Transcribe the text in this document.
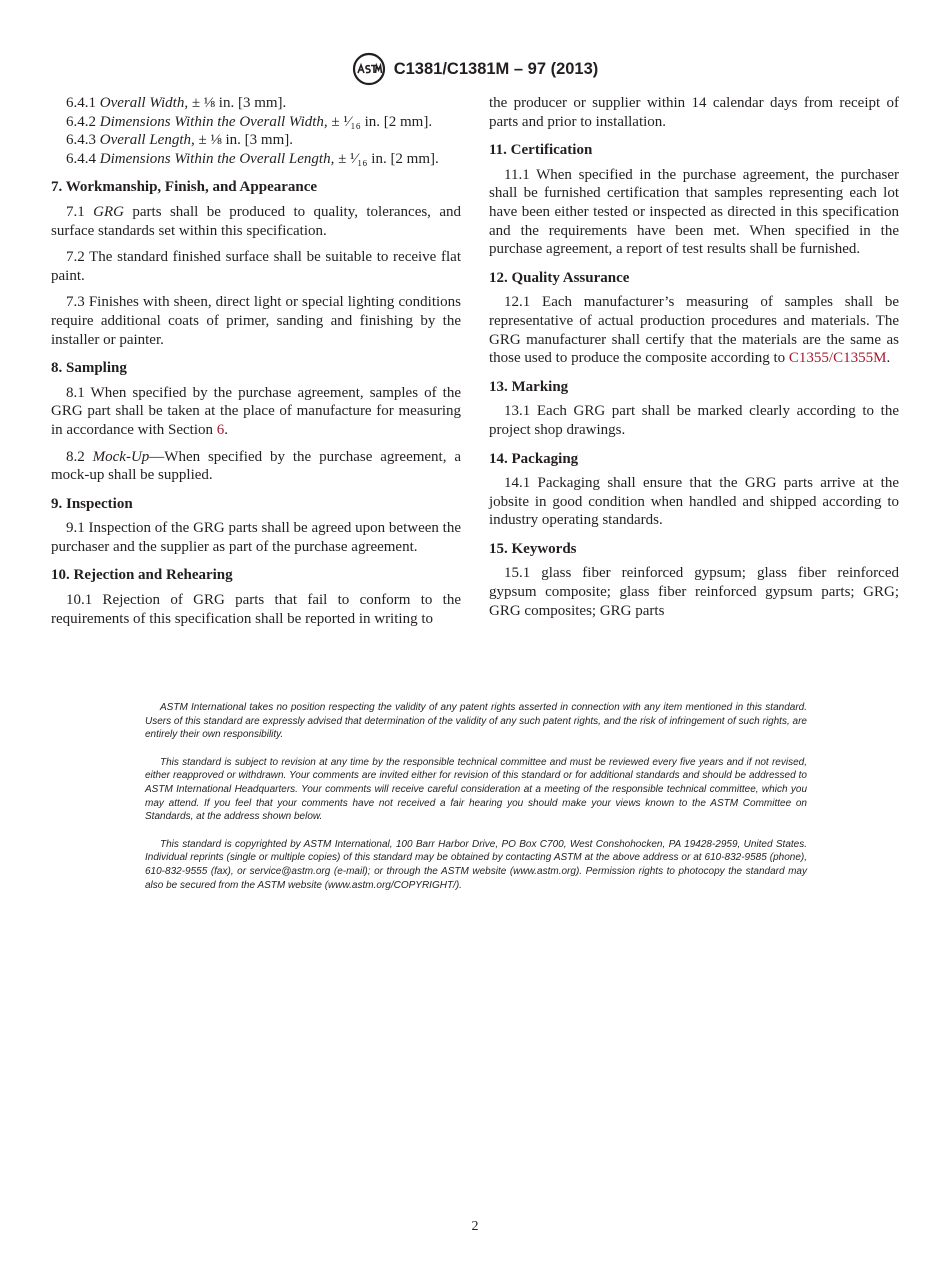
C1381/C1381M – 97 (2013)

6.4.1 Overall Width, ± ⅛ in. [3 mm].

6.4.2 Dimensions Within the Overall Width, ± ¹⁄₁₆ in. [2 mm].

6.4.3 Overall Length, ± ⅛ in. [3 mm].

6.4.4 Dimensions Within the Overall Length, ± ¹⁄₁₆ in. [2 mm].

7. Workmanship, Finish, and Appearance

7.1 GRG parts shall be produced to quality, tolerances, and surface standards set within this specification.

7.2 The standard finished surface shall be suitable to receive flat paint.

7.3 Finishes with sheen, direct light or special lighting conditions require additional coats of primer, sanding and finishing by the installer or painter.

8. Sampling

8.1 When specified by the purchase agreement, samples of the GRG part shall be taken at the place of manufacture for measuring in accordance with Section 6.

8.2 Mock-Up—When specified by the purchase agreement, a mock-up shall be supplied.

9. Inspection

9.1 Inspection of the GRG parts shall be agreed upon between the purchaser and the supplier as part of the purchase agreement.

10. Rejection and Rehearing

10.1 Rejection of GRG parts that fail to conform to the requirements of this specification shall be reported in writing to

the producer or supplier within 14 calendar days from receipt of parts and prior to installation.

11. Certification

11.1 When specified in the purchase agreement, the purchaser shall be furnished certification that samples representing each lot have been either tested or inspected as directed in this specification and the requirements have been met. When specified in the purchase agreement, a report of test results shall be furnished.

12. Quality Assurance

12.1 Each manufacturer’s measuring of samples shall be representative of actual production procedures and materials. The GRG manufacturer shall certify that the materials are the same as those used to produce the composite according to C1355/C1355M.

13. Marking

13.1 Each GRG part shall be marked clearly according to the project shop drawings.

14. Packaging

14.1 Packaging shall ensure that the GRG parts arrive at the jobsite in good condition when handled and shipped according to industry operating standards.

15. Keywords

15.1 glass fiber reinforced gypsum; glass fiber reinforced gypsum composite; glass fiber reinforced gypsum parts; GRG; GRG composites; GRG parts

ASTM International takes no position respecting the validity of any patent rights asserted in connection with any item mentioned in this standard. Users of this standard are expressly advised that determination of the validity of any such patent rights, and the risk of infringement of such rights, are entirely their own responsibility.

This standard is subject to revision at any time by the responsible technical committee and must be reviewed every five years and if not revised, either reapproved or withdrawn. Your comments are invited either for revision of this standard or for additional standards and should be addressed to ASTM International Headquarters. Your comments will receive careful consideration at a meeting of the responsible technical committee, which you may attend. If you feel that your comments have not received a fair hearing you should make your views known to the ASTM Committee on Standards, at the address shown below.

This standard is copyrighted by ASTM International, 100 Barr Harbor Drive, PO Box C700, West Conshohocken, PA 19428-2959, United States. Individual reprints (single or multiple copies) of this standard may be obtained by contacting ASTM at the above address or at 610-832-9585 (phone), 610-832-9555 (fax), or service@astm.org (e-mail); or through the ASTM website (www.astm.org). Permission rights to photocopy the standard may also be secured from the ASTM website (www.astm.org/COPYRIGHT/).

2
